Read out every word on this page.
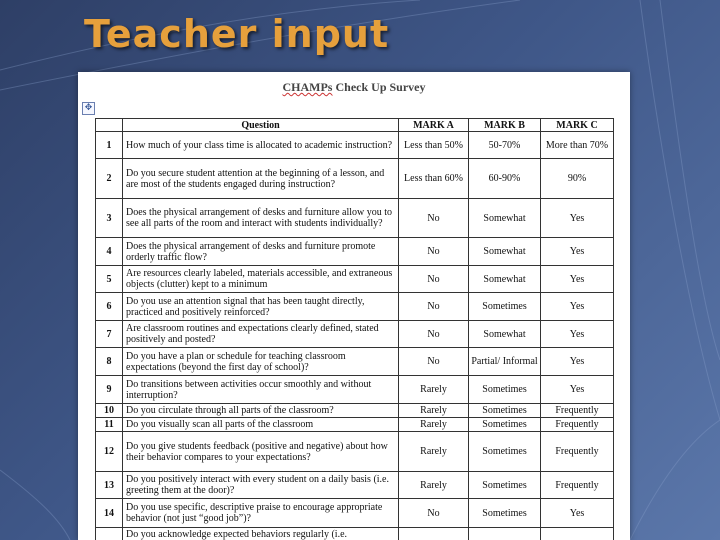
Teacher input
CHAMPs Check Up Survey
✥
	Question	MARK A	MARK B	MARK C
1	How much of your class time is allocated to academic instruction?	Less than 50%	50-70%	More than 70%
2	Do you secure student attention at the beginning of a lesson, and are most of the students engaged during instruction?	Less than 60%	60-90%	90%
3	Does the physical arrangement of desks and furniture allow you to see all parts of the room and interact with students individually?	No	Somewhat	Yes
4	Does the physical arrangement of desks and furniture promote orderly traffic flow?	No	Somewhat	Yes
5	Are resources clearly labeled, materials accessible, and extraneous objects (clutter) kept to a minimum	No	Somewhat	Yes
6	Do you use an attention signal that has been taught directly, practiced and positively reinforced?	No	Sometimes	Yes
7	Are classroom routines and expectations clearly defined, stated positively and posted?	No	Somewhat	Yes
8	Do you have a plan or schedule for teaching classroom expectations (beyond the first day of school)?	No	Partial/ Informal	Yes
9	Do transitions between activities occur smoothly and without interruption?	Rarely	Sometimes	Yes
10	Do you circulate through all parts of the classroom?	Rarely	Sometimes	Frequently
11	Do you visually scan all parts of the classroom	Rarely	Sometimes	Frequently
12	Do you give students feedback (positive and negative) about how their behavior compares to your expectations?	Rarely	Sometimes	Frequently
13	Do you positively interact with every student on a daily basis (i.e. greeting them at the door)?	Rarely	Sometimes	Frequently
14	Do you use specific, descriptive praise to encourage appropriate behavior (not just “good job”)?	No	Sometimes	Yes
	Do you acknowledge expected behaviors regularly (i.e.			
